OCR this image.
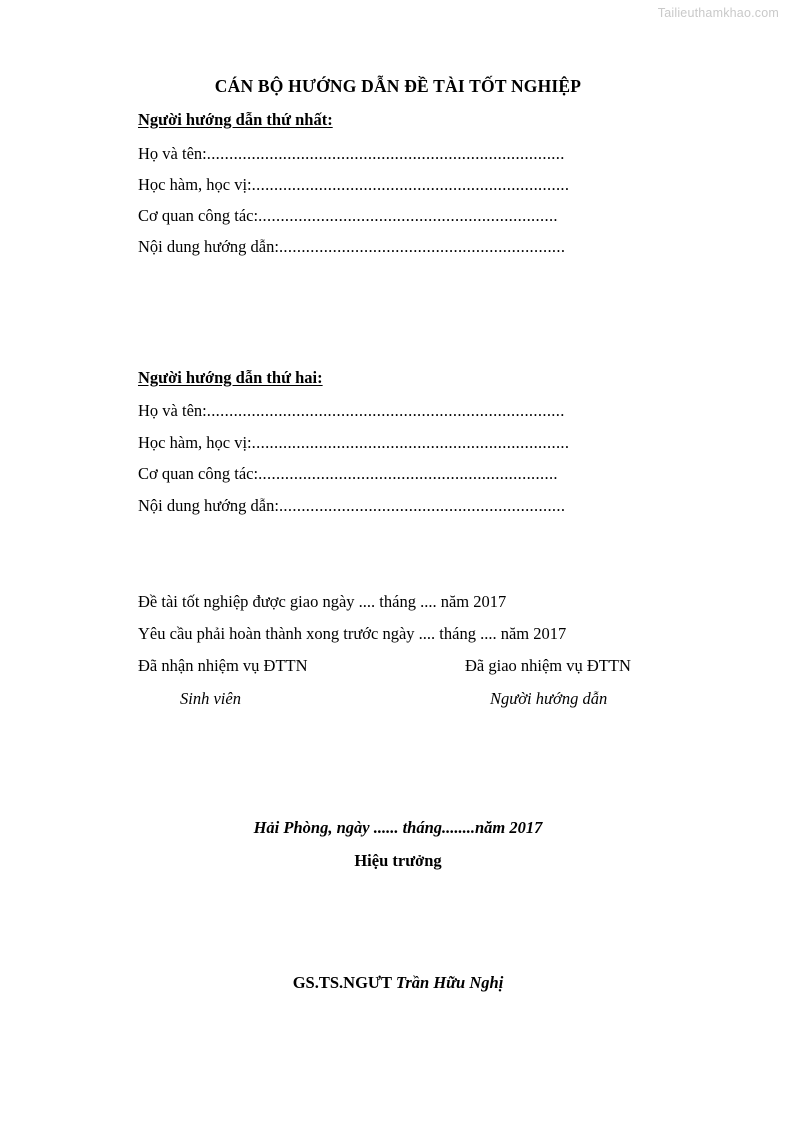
Tailieuthamkhao.com
CÁN BỘ HƯỚNG DẪN ĐỀ TÀI TỐT NGHIỆP
Người hướng dẫn thứ nhất:
Họ và tên:................................................................................
Học hàm, học vị:.......................................................................
Cơ quan công tác:...................................................................
Nội dung hướng dẫn:................................................................
Người hướng dẫn thứ hai:
Họ và tên:................................................................................
Học hàm, học vị:.......................................................................
Cơ quan công tác:...................................................................
Nội dung hướng dẫn:................................................................
Đề tài tốt nghiệp được giao ngày .... tháng .... năm 2017
Yêu cầu phải hoàn thành xong trước ngày .... tháng .... năm 2017
Đã nhận nhiệm vụ ĐTTN	Đã giao nhiệm vụ ĐTTN
Sinh viên	Người hướng dẫn
Hải Phòng, ngày ...... tháng........năm 2017
Hiệu trưởng
GS.TS.NGƯT Trần Hữu Nghị
